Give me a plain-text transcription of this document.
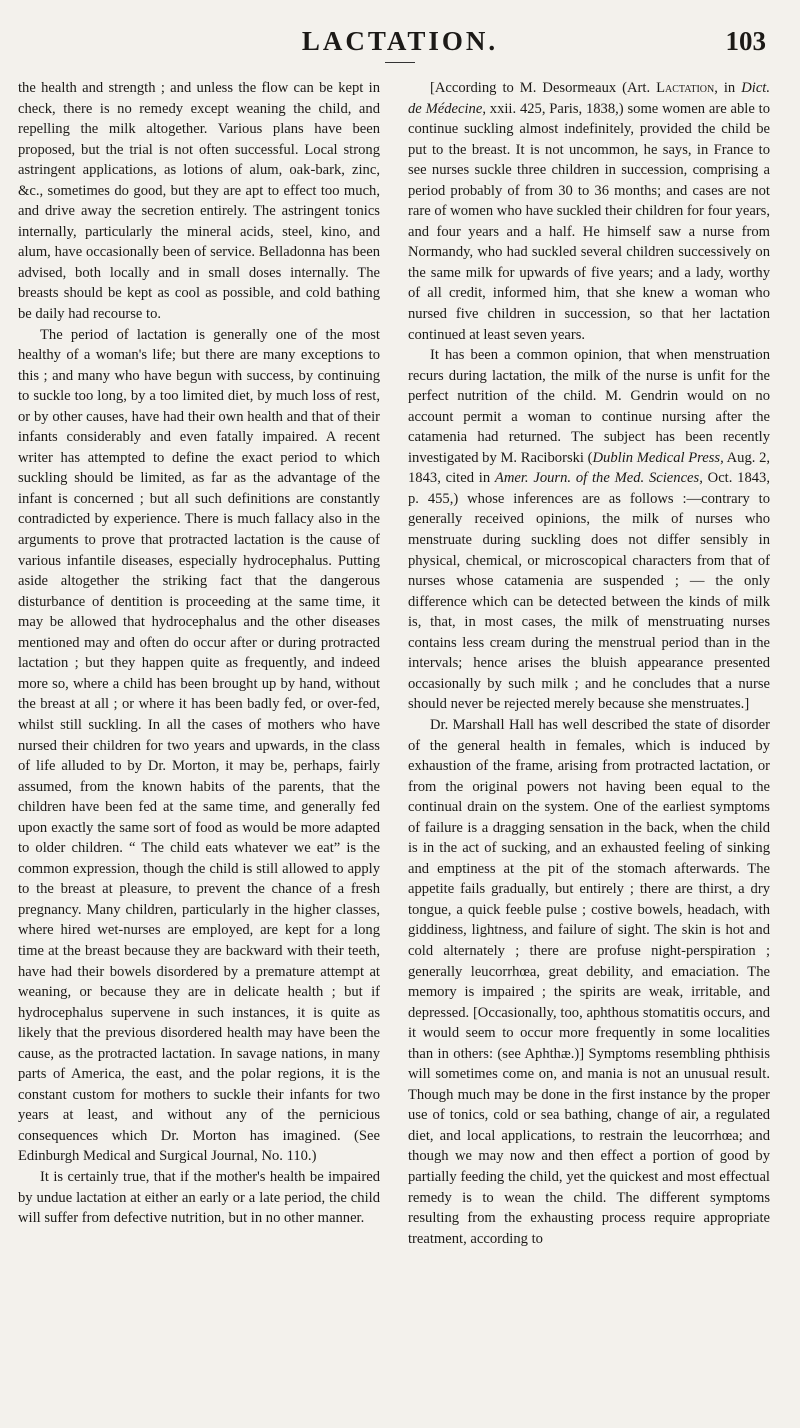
LACTATION.	103

the health and strength ; and unless the flow can be kept in check, there is no remedy except weaning the child, and repelling the milk altogether. Various plans have been proposed, but the trial is not often successful. Local strong astringent applications, as lotions of alum, oak-bark, zinc, &c., sometimes do good, but they are apt to effect too much, and drive away the secretion entirely. The astringent tonics internally, particularly the mineral acids, steel, kino, and alum, have occasionally been of service. Belladonna has been advised, both locally and in small doses internally. The breasts should be kept as cool as possible, and cold bathing be daily had recourse to.

The period of lactation is generally one of the most healthy of a woman's life; but there are many exceptions to this ; and many who have begun with success, by continuing to suckle too long, by a too limited diet, by much loss of rest, or by other causes, have had their own health and that of their infants considerably and even fatally impaired. A recent writer has attempted to define the exact period to which suckling should be limited, as far as the advantage of the infant is concerned ; but all such definitions are constantly contradicted by experience. There is much fallacy also in the arguments to prove that protracted lactation is the cause of various infantile diseases, especially hydrocephalus. Putting aside altogether the striking fact that the dangerous disturbance of dentition is proceeding at the same time, it may be allowed that hydrocephalus and the other diseases mentioned may and often do occur after or during protracted lactation ; but they happen quite as frequently, and indeed more so, where a child has been brought up by hand, without the breast at all ; or where it has been badly fed, or over-fed, whilst still suckling. In all the cases of mothers who have nursed their children for two years and upwards, in the class of life alluded to by Dr. Morton, it may be, perhaps, fairly assumed, from the known habits of the parents, that the children have been fed at the same time, and generally fed upon exactly the same sort of food as would be more adapted to older children. “ The child eats whatever we eat” is the common expression, though the child is still allowed to apply to the breast at pleasure, to prevent the chance of a fresh pregnancy. Many children, particularly in the higher classes, where hired wet-nurses are employed, are kept for a long time at the breast because they are backward with their teeth, have had their bowels disordered by a premature attempt at weaning, or because they are in delicate health ; but if hydrocephalus supervene in such instances, it is quite as likely that the previous disordered health may have been the cause, as the protracted lactation. In savage nations, in many parts of America, the east, and the polar regions, it is the constant custom for mothers to suckle their infants for two years at least, and without any of the pernicious consequences which Dr. Morton has imagined. (See Edinburgh Medical and Surgical Journal, No. 110.)

It is certainly true, that if the mother's health be impaired by undue lactation at either an early or a late period, the child will suffer from defective nutrition, but in no other manner.

[According to M. Desormeaux (Art. Lactation, in Dict. de Médecine, xxii. 425, Paris, 1838,) some women are able to continue suckling almost indefinitely, provided the child be put to the breast. It is not uncommon, he says, in France to see nurses suckle three children in succession, comprising a period probably of from 30 to 36 months; and cases are not rare of women who have suckled their children for four years, and four years and a half. He himself saw a nurse from Normandy, who had suckled several children successively on the same milk for upwards of five years; and a lady, worthy of all credit, informed him, that she knew a woman who nursed five children in succession, so that her lactation continued at least seven years.

It has been a common opinion, that when menstruation recurs during lactation, the milk of the nurse is unfit for the perfect nutrition of the child. M. Gendrin would on no account permit a woman to continue nursing after the catamenia had returned. The subject has been recently investigated by M. Raciborski (Dublin Medical Press, Aug. 2, 1843, cited in Amer. Journ. of the Med. Sciences, Oct. 1843, p. 455,) whose inferences are as follows :—contrary to generally received opinions, the milk of nurses who menstruate during suckling does not differ sensibly in physical, chemical, or microscopical characters from that of nurses whose catamenia are suspended ; — the only difference which can be detected between the kinds of milk is, that, in most cases, the milk of menstruating nurses contains less cream during the menstrual period than in the intervals; hence arises the bluish appearance presented occasionally by such milk ; and he concludes that a nurse should never be rejected merely because she menstruates.]

Dr. Marshall Hall has well described the state of disorder of the general health in females, which is induced by exhaustion of the frame, arising from protracted lactation, or from the original powers not having been equal to the continual drain on the system. One of the earliest symptoms of failure is a dragging sensation in the back, when the child is in the act of sucking, and an exhausted feeling of sinking and emptiness at the pit of the stomach afterwards. The appetite fails gradually, but entirely ; there are thirst, a dry tongue, a quick feeble pulse ; costive bowels, headach, with giddiness, lightness, and failure of sight. The skin is hot and cold alternately ; there are profuse night-perspiration ; generally leucorrhœa, great debility, and emaciation. The memory is impaired ; the spirits are weak, irritable, and depressed. [Occasionally, too, aphthous stomatitis occurs, and it would seem to occur more frequently in some localities than in others: (see Aphthæ.)] Symptoms resembling phthisis will sometimes come on, and mania is not an unusual result. Though much may be done in the first instance by the proper use of tonics, cold or sea bathing, change of air, a regulated diet, and local applications, to restrain the leucorrhœa; and though we may now and then effect a portion of good by partially feeding the child, yet the quickest and most effectual remedy is to wean the child. The different symptoms resulting from the exhausting process require appropriate treatment, according to
